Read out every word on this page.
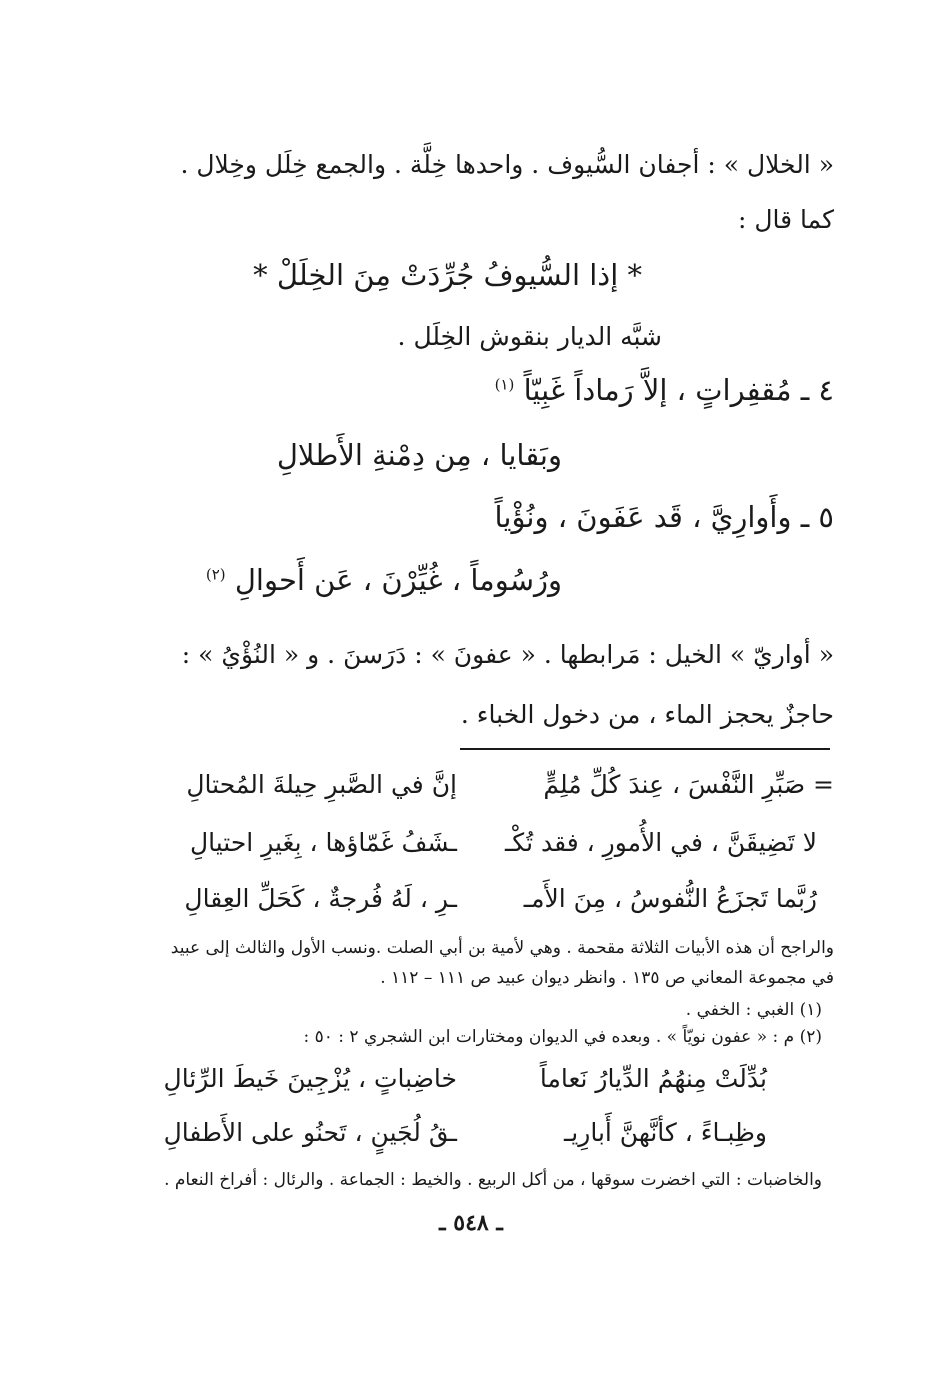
« الخلال » : أجفان السُّيوف . واحدها خِلَّة . والجمع خِلَل وخِلال .
كما قال :
* إذا السُّيوفُ جُرِّدَتْ مِنَ الخِلَلْ *
شبَّه الديار بنقوش الخِلَل .
٤ ـ مُقفِراتٍ ، إلاَّ رَماداً غَبِيّاً $^{(١)}$
وبَقايا ، مِن دِمْنةِ الأَطلالِ
٥ ـ وأَوارِيَّ ، قَد عَفَونَ ، ونُؤْياً
ورُسُوماً ، غُيِّرْنَ ، عَن أَحوالِ $^{(٢)}$
« أواريّ » الخيل : مَرابطها . « عفونَ » : دَرَسنَ . و « النُؤْيُ » :
حاجزٌ يحجز الماء ، من دخول الخباء .
= صَبِّرِ النَّفْسَ ، عِندَ كُلِّ مُلِمٍّ
إنَّ في الصَّبرِ حِيلةَ المُحتالِ
لا تَضِيقَنَّ ، في الأُمورِ ، فقد تُكْـ
ـشَفُ غَمّاؤها ، بِغَيرِ احتيالِ
رُبَّما تَجزَعُ النُّفوسُ ، مِنَ الأَمـ
ـرِ ، لَهُ فُرجةٌ ، كَحَلِّ العِقالِ
والراجح أن هذه الأبيات الثلاثة مقحمة . وهي لأمية بن أبي الصلت .ونسب الأول والثالث إلى عبيد
في مجموعة المعاني ص ١٣٥ . وانظر ديوان عبيد ص ١١١ – ١١٢ .
(١) الغبي : الخفي .
(٢) م : « عفون نويّاً » . وبعده في الديوان ومختارات ابن الشجري ٢ : ٥٠ :
بُدِّلَتْ مِنهُمُ الدِّيارُ نَعاماً
خاضِباتٍ ، يُزْجِينَ خَيطَ الرِّئالِ
وظِبـاءً ، كأنَّهنَّ أَبارِيـ
ـقُ لُجَينٍ ، تَحنُو على الأَطفالِ
والخاضبات : التي اخضرت سوقها ، من أكل الربيع . والخيط : الجماعة . والرئال : أفراخ النعام .
ـ ٥٤٨ ـ
